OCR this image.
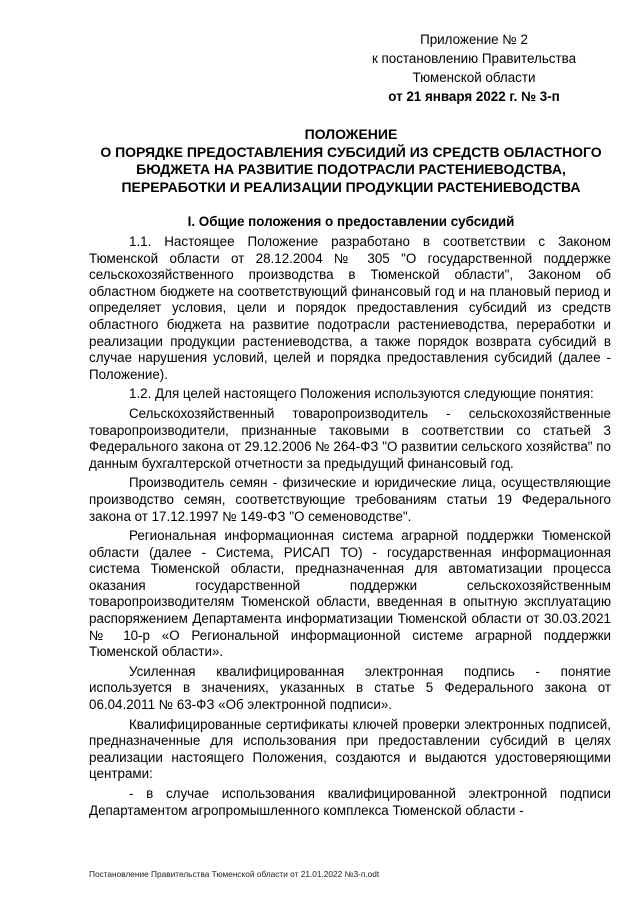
Приложение № 2
к постановлению Правительства
Тюменской области
от 21 января 2022 г. № 3-п
ПОЛОЖЕНИЕ
О ПОРЯДКЕ ПРЕДОСТАВЛЕНИЯ СУБСИДИЙ ИЗ СРЕДСТВ ОБЛАСТНОГО
БЮДЖЕТА НА РАЗВИТИЕ ПОДОТРАСЛИ РАСТЕНИЕВОДСТВА,
ПЕРЕРАБОТКИ И РЕАЛИЗАЦИИ ПРОДУКЦИИ РАСТЕНИЕВОДСТВА
I. Общие положения о предоставлении субсидий

1.1. Настоящее Положение разработано в соответствии с Законом Тюменской области от 28.12.2004 № 305 "О государственной поддержке сельскохозяйственного производства в Тюменской области", Законом об областном бюджете на соответствующий финансовый год и на плановый период и определяет условия, цели и порядок предоставления субсидий из средств областного бюджета на развитие подотрасли растениеводства, переработки и реализации продукции растениеводства, а также порядок возврата субсидий в случае нарушения условий, целей и порядка предоставления субсидий (далее - Положение).

1.2. Для целей настоящего Положения используются следующие понятия:

Сельскохозяйственный товаропроизводитель - сельскохозяйственные товаропроизводители, признанные таковыми в соответствии со статьей 3 Федерального закона от 29.12.2006 № 264-ФЗ "О развитии сельского хозяйства" по данным бухгалтерской отчетности за предыдущий финансовый год.

Производитель семян - физические и юридические лица, осуществляющие производство семян, соответствующие требованиям статьи 19 Федерального закона от 17.12.1997 № 149-ФЗ "О семеноводстве".

Региональная информационная система аграрной поддержки Тюменской области (далее - Система, РИСАП ТО) - государственная информационная система Тюменской области, предназначенная для автоматизации процесса оказания государственной поддержки сельскохозяйственным товаропроизводителям Тюменской области, введенная в опытную эксплуатацию распоряжением Департамента информатизации Тюменской области от 30.03.2021 № 10-р «О Региональной информационной системе аграрной поддержки Тюменской области».

Усиленная квалифицированная электронная подпись - понятие используется в значениях, указанных в статье 5 Федерального закона от 06.04.2011 № 63-ФЗ «Об электронной подписи».

Квалифицированные сертификаты ключей проверки электронных подписей, предназначенные для использования при предоставлении субсидий в целях реализации настоящего Положения, создаются и выдаются удостоверяющими центрами:

- в случае использования квалифицированной электронной подписи Департаментом агропромышленного комплекса Тюменской области -

Постановление Правительства Тюменской области от 21.01.2022 №3-п.odt
